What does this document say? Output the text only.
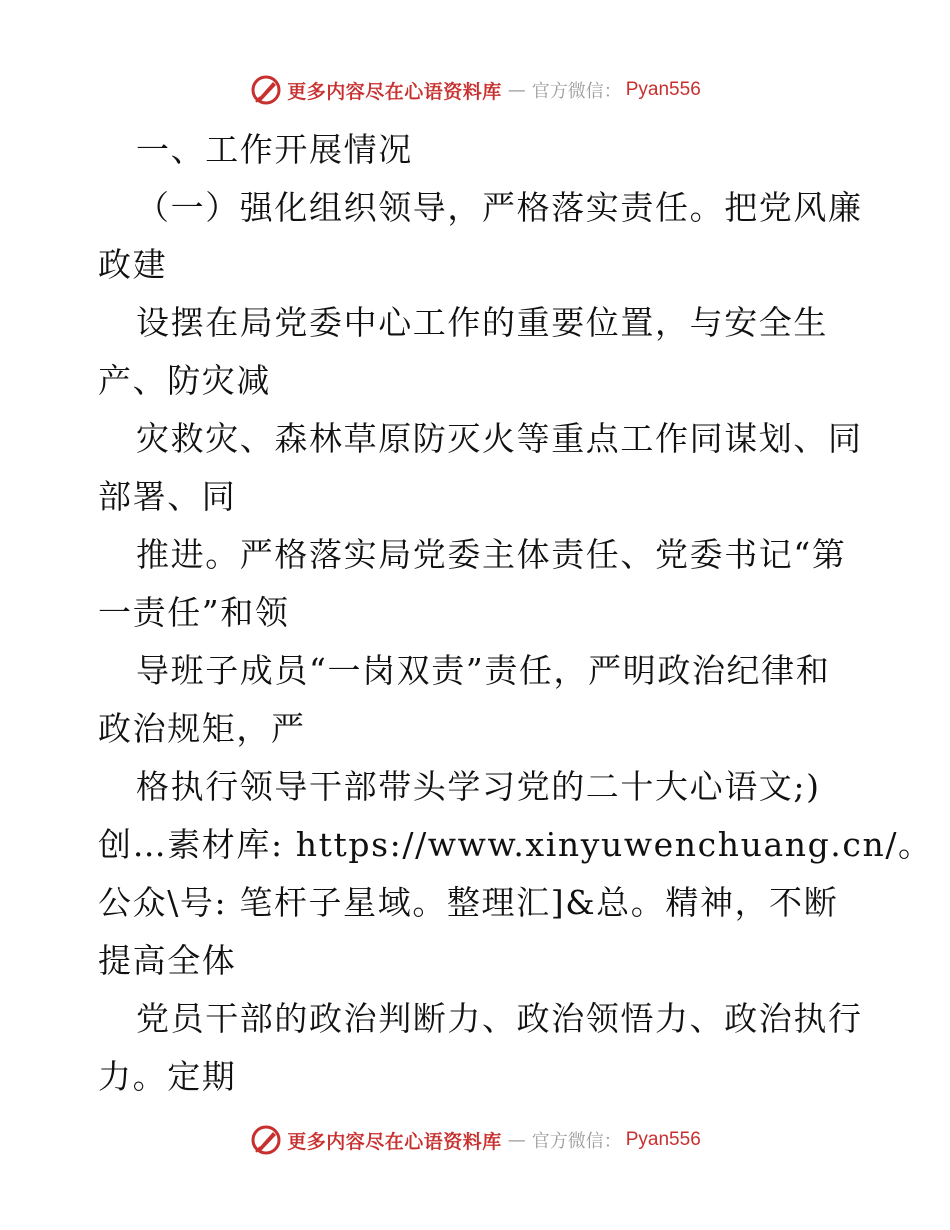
更多内容尽在心语资料库 — 官方微信： Pyan556
一、工作开展情况
（一）强化组织领导，严格落实责任。把党风廉
政建
设摆在局党委中心工作的重要位置，与安全生
产、防灾减
灾救灾、森林草原防灭火等重点工作同谋划、同
部署、同
推进。严格落实局党委主体责任、党委书记“第
一责任”和领
导班子成员“一岗双责”责任，严明政治纪律和
政治规矩，严
格执行领导干部带头学习党的二十大心语文;)
创…素材库: https://www.xinyuwenchuang.cn/。
公众\号: 笔杆子星域。整理汇]&总。精神，不断
提高全体
党员干部的政治判断力、政治领悟力、政治执行
力。定期
更多内容尽在心语资料库 — 官方微信： Pyan556
